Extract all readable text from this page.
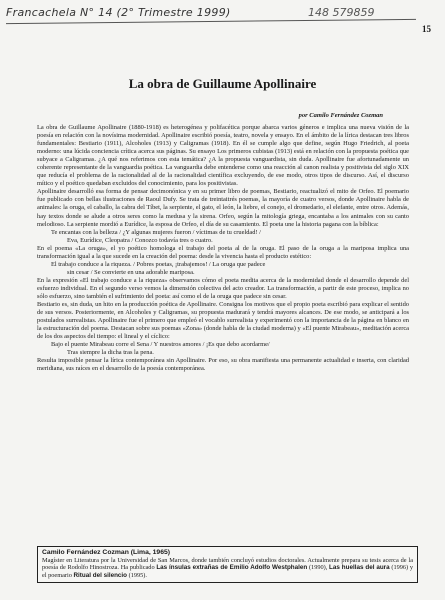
Francachela N° 14 (2° Trimestre 1999)	148 579859
15
La obra de Guillaume Apollinaire
por Camilo Fernández Cozman

La obra de Guillaume Apollinaire (1880-1918) es heterogénea y polifacética porque abarca varios géneros e implica una nueva visión de la poesía en relación con la novísima modernidad. Apollinaire escribió poesía, teatro, novela y ensayo. En el ámbito de la lírica destacan tres libros fundamentales: Bestiario (1911), Alcoholes (1913) y Caligramas (1918). En él se cumple algo que define, según Hugo Friedrich, al poeta moderno: una lúcida conciencia crítica acerca sus páginas. Su ensayo Los primeros cubistas (1913) está en relación con la propuesta poética que subyace a Caligramas. ¿A qué nos referimos con esta temática? ¿A la propuesta vanguardista, sin duda. Apollinaire fue afortunadamente un coherente representante de la vanguardia poética. La vanguardia debe entenderse como una reacción al canon realista y positivista del siglo XIX que reducía el problema de la racionalidad al de la racionalidad científica excluyendo, de ese modo, otros tipos de discurso. Así, el discurso mítico y el poético quedaban excluidos del conocimiento, para los positivistas.

Apollinaire desarrolló esa forma de pensar decimonónica y en su primer libro de poemas, Bestiario, reactualizó el mito de Orfeo. El poemario fue publicado con bellas ilustraciones de Raoul Dufy. Se trata de treintaitrés poemas, la mayoría de cuatro versos, donde Apollinaire habla de animales: la oruga, el caballo, la cabra del Tíbet, la serpiente, el gato, el león, la liebre, el conejo, el dromedario, el elefante, entre otros. Además, hay textos donde se alude a otros seres como la medusa y la sirena. Orfeo, según la mitología griega, encantaba a los animales con su canto melodioso. La serpiente mordió a Eurídice, la esposa de Orfeo, el día de su casamiento. El poeta une la historia pagana con la bíblica:

Te encantas con la belleza / ¿Y algunas mujeres fueron / víctimas de tu crueldad! /

Eva, Eurídice, Cleopatra / Conozco todavía tres o cuatro.

En el poema «La oruga», el yo poético homologa el trabajo del poeta al de la oruga. El paso de la oruga a la mariposa implica una transformación igual a la que sucede en la creación del poema: desde la vivencia hasta el producto estético:

El trabajo conduce a la riqueza. / Pobres poetas, ¡trabajemos! / La oruga que padece

sin cesar / Se convierte en una adorable mariposa.

En la expresión «El trabajo conduce a la riqueza» observamos cómo el poeta medita acerca de la modernidad donde el desarrollo depende del esfuerzo individual. En el segundo verso vemos la dimensión colectiva del acto creador. La transformación, a partir de este proceso, implica no sólo esfuerzo, sino también el sufrimiento del poeta: así como el de la oruga que padece sin cesar.

Bestiario es, sin duda, un hito en la producción poética de Apollinaire. Consigna los motivos que el propio poeta escribió para explicar el sentido de sus versos. Posteriormente, en Alcoholes y Caligramas, su propuesta madurará y tendrá mayores alcances. De ese modo, se anticipará a los postulados surrealistas. Apollinaire fue el primero que empleó el vocablo surrealista y experimentó con la importancia de la página en blanco en la estructuración del poema. Destacan sobre sus poemas «Zona» (donde habla de la ciudad moderna) y «El puente Mirabeau», meditación acerca de los dos aspectos del tiempo: el lineal y el cíclico:

Bajo el puente Mirabeau corre el Sena / Y nuestros amores / ¡Es que debo acordarme/

Tras siempre la dicha tras la pena.

Resulta imposible pensar la lírica contemporánea sin Apollinaire. Por eso, su obra manifiesta una permanente actualidad e inserta, con claridad meridiana, sus raíces en el desarrollo de la poesía contemporánea.

Camilo Fernández Cozman (Lima, 1965)
Magíster en Literatura por la Universidad de San Marcos, donde también concluyó estudios doctorales. Actualmente prepara su tesis acerca de la poesía de Rodolfo Hinostroza. Ha publicado Las ínsulas extrañas de Emilio Adolfo Westphalen (1990), Las huellas del aura (1996) y el poemario Ritual del silencio (1995).
